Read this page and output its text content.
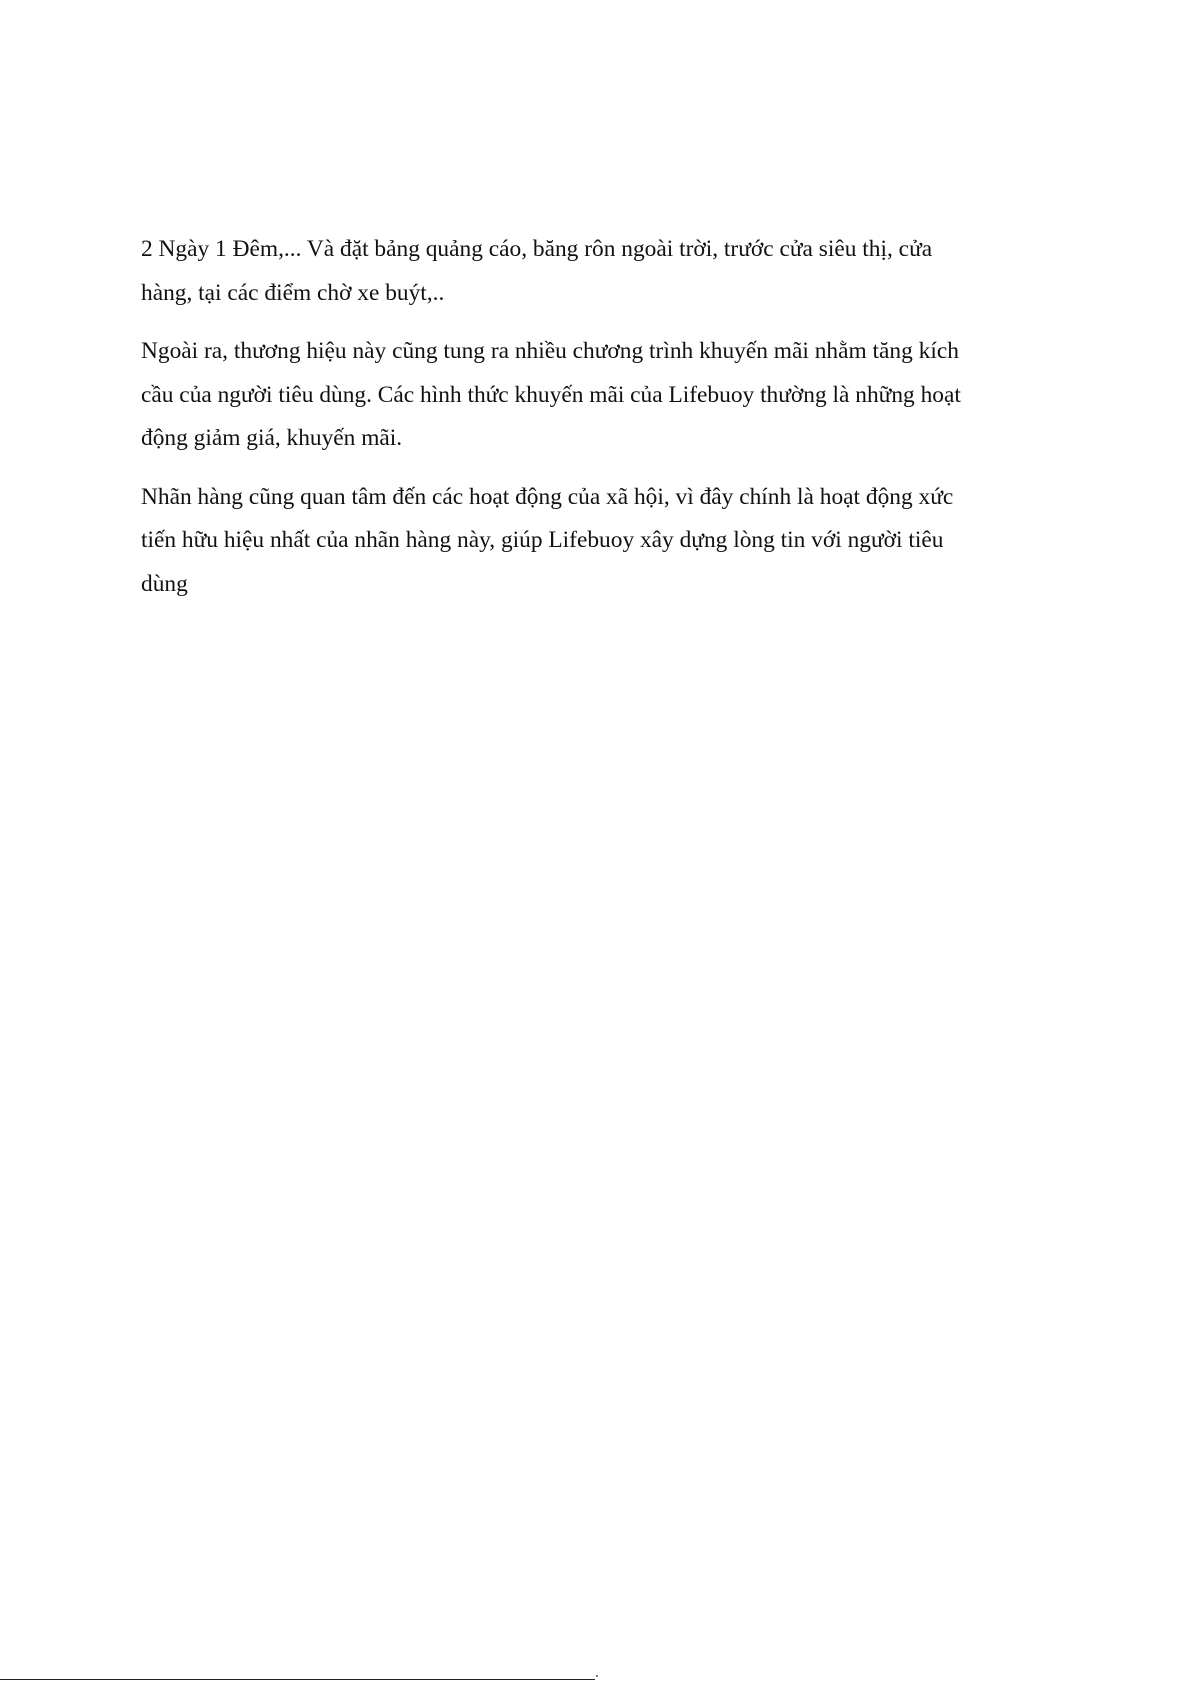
2 Ngày 1 Đêm,... Và đặt bảng quảng cáo, băng rôn ngoài trời, trước cửa siêu thị, cửa
hàng, tại các điểm chờ xe buýt,..

Ngoài ra, thương hiệu này cũng tung ra nhiều chương trình khuyến mãi nhằm tăng kích
cầu của người tiêu dùng. Các hình thức khuyến mãi của Lifebuoy thường là những hoạt
động giảm giá, khuyến mãi.

Nhãn hàng cũng quan tâm đến các hoạt động của xã hội, vì đây chính là hoạt động xức
tiến hữu hiệu nhất của nhãn hàng này, giúp Lifebuoy xây dựng lòng tin với người tiêu
dùng
